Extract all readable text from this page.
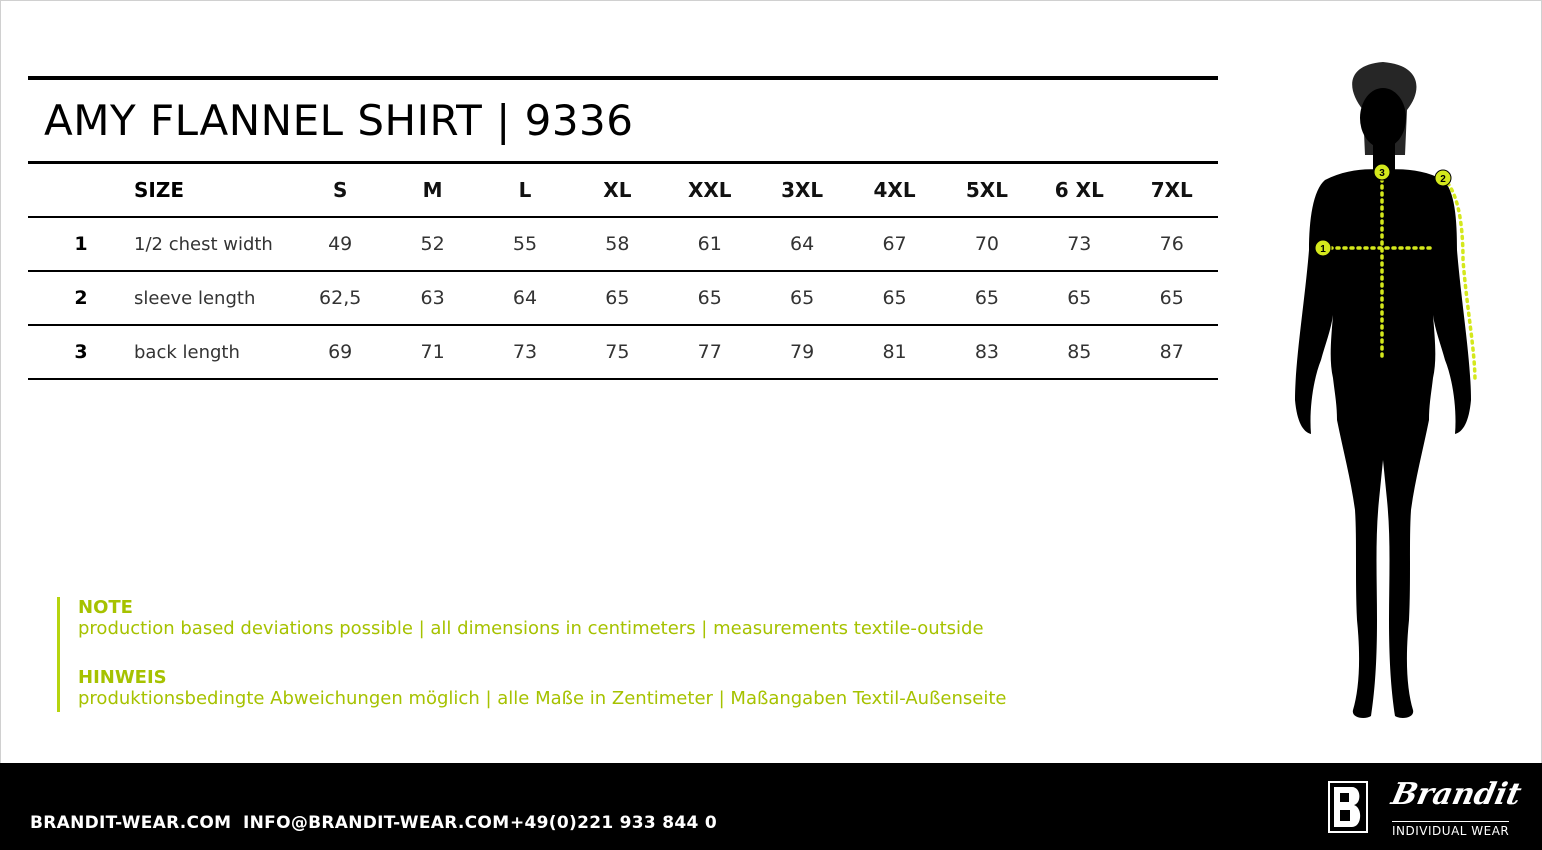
AMY FLANNEL SHIRT | 9336
	SIZE	S	M	L	XL	XXL	3XL	4XL	5XL	6 XL	7XL
1	1/2 chest width	49	52	55	58	61	64	67	70	73	76
2	sleeve length	62,5	63	64	65	65	65	65	65	65	65
3	back length	69	71	73	75	77	79	81	83	85	87
NOTE
production based deviations possible | all dimensions in centimeters | measurements textile-outside
HINWEIS
produktionsbedingte Abweichungen möglich | alle Maße in Zentimeter | Maßangaben Textil-Außenseite
1
2
3
BRANDIT-WEAR.COM INFO@BRANDIT-WEAR.COM +49(0)221 933 844 0
Brandit
INDIVIDUAL WEAR
